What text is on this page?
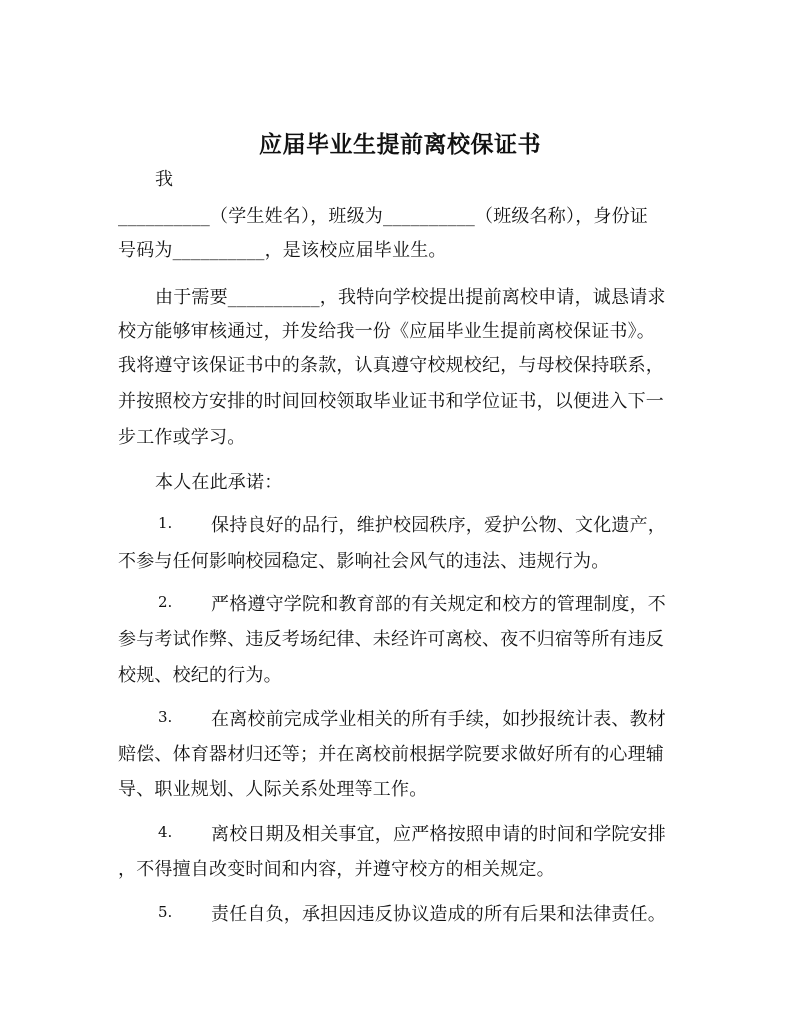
应届毕业生提前离校保证书

我

__________（学生姓名），班级为__________（班级名称），身份证

号码为__________，是该校应届毕业生。

由于需要__________，我特向学校提出提前离校申请，诚恳请求

校方能够审核通过，并发给我一份《应届毕业生提前离校保证书》。

我将遵守该保证书中的条款，认真遵守校规校纪，与母校保持联系，

并按照校方安排的时间回校领取毕业证书和学位证书，以便进入下一

步工作或学习。

本人在此承诺：

1. 保持良好的品行，维护校园秩序，爱护公物、文化遗产，

不参与任何影响校园稳定、影响社会风气的违法、违规行为。

2. 严格遵守学院和教育部的有关规定和校方的管理制度，不

参与考试作弊、违反考场纪律、未经许可离校、夜不归宿等所有违反

校规、校纪的行为。

3. 在离校前完成学业相关的所有手续，如抄报统计表、教材

赔偿、体育器材归还等；并在离校前根据学院要求做好所有的心理辅

导、职业规划、人际关系处理等工作。

4. 离校日期及相关事宜，应严格按照申请的时间和学院安排

，不得擅自改变时间和内容，并遵守校方的相关规定。

5. 责任自负，承担因违反协议造成的所有后果和法律责任。
